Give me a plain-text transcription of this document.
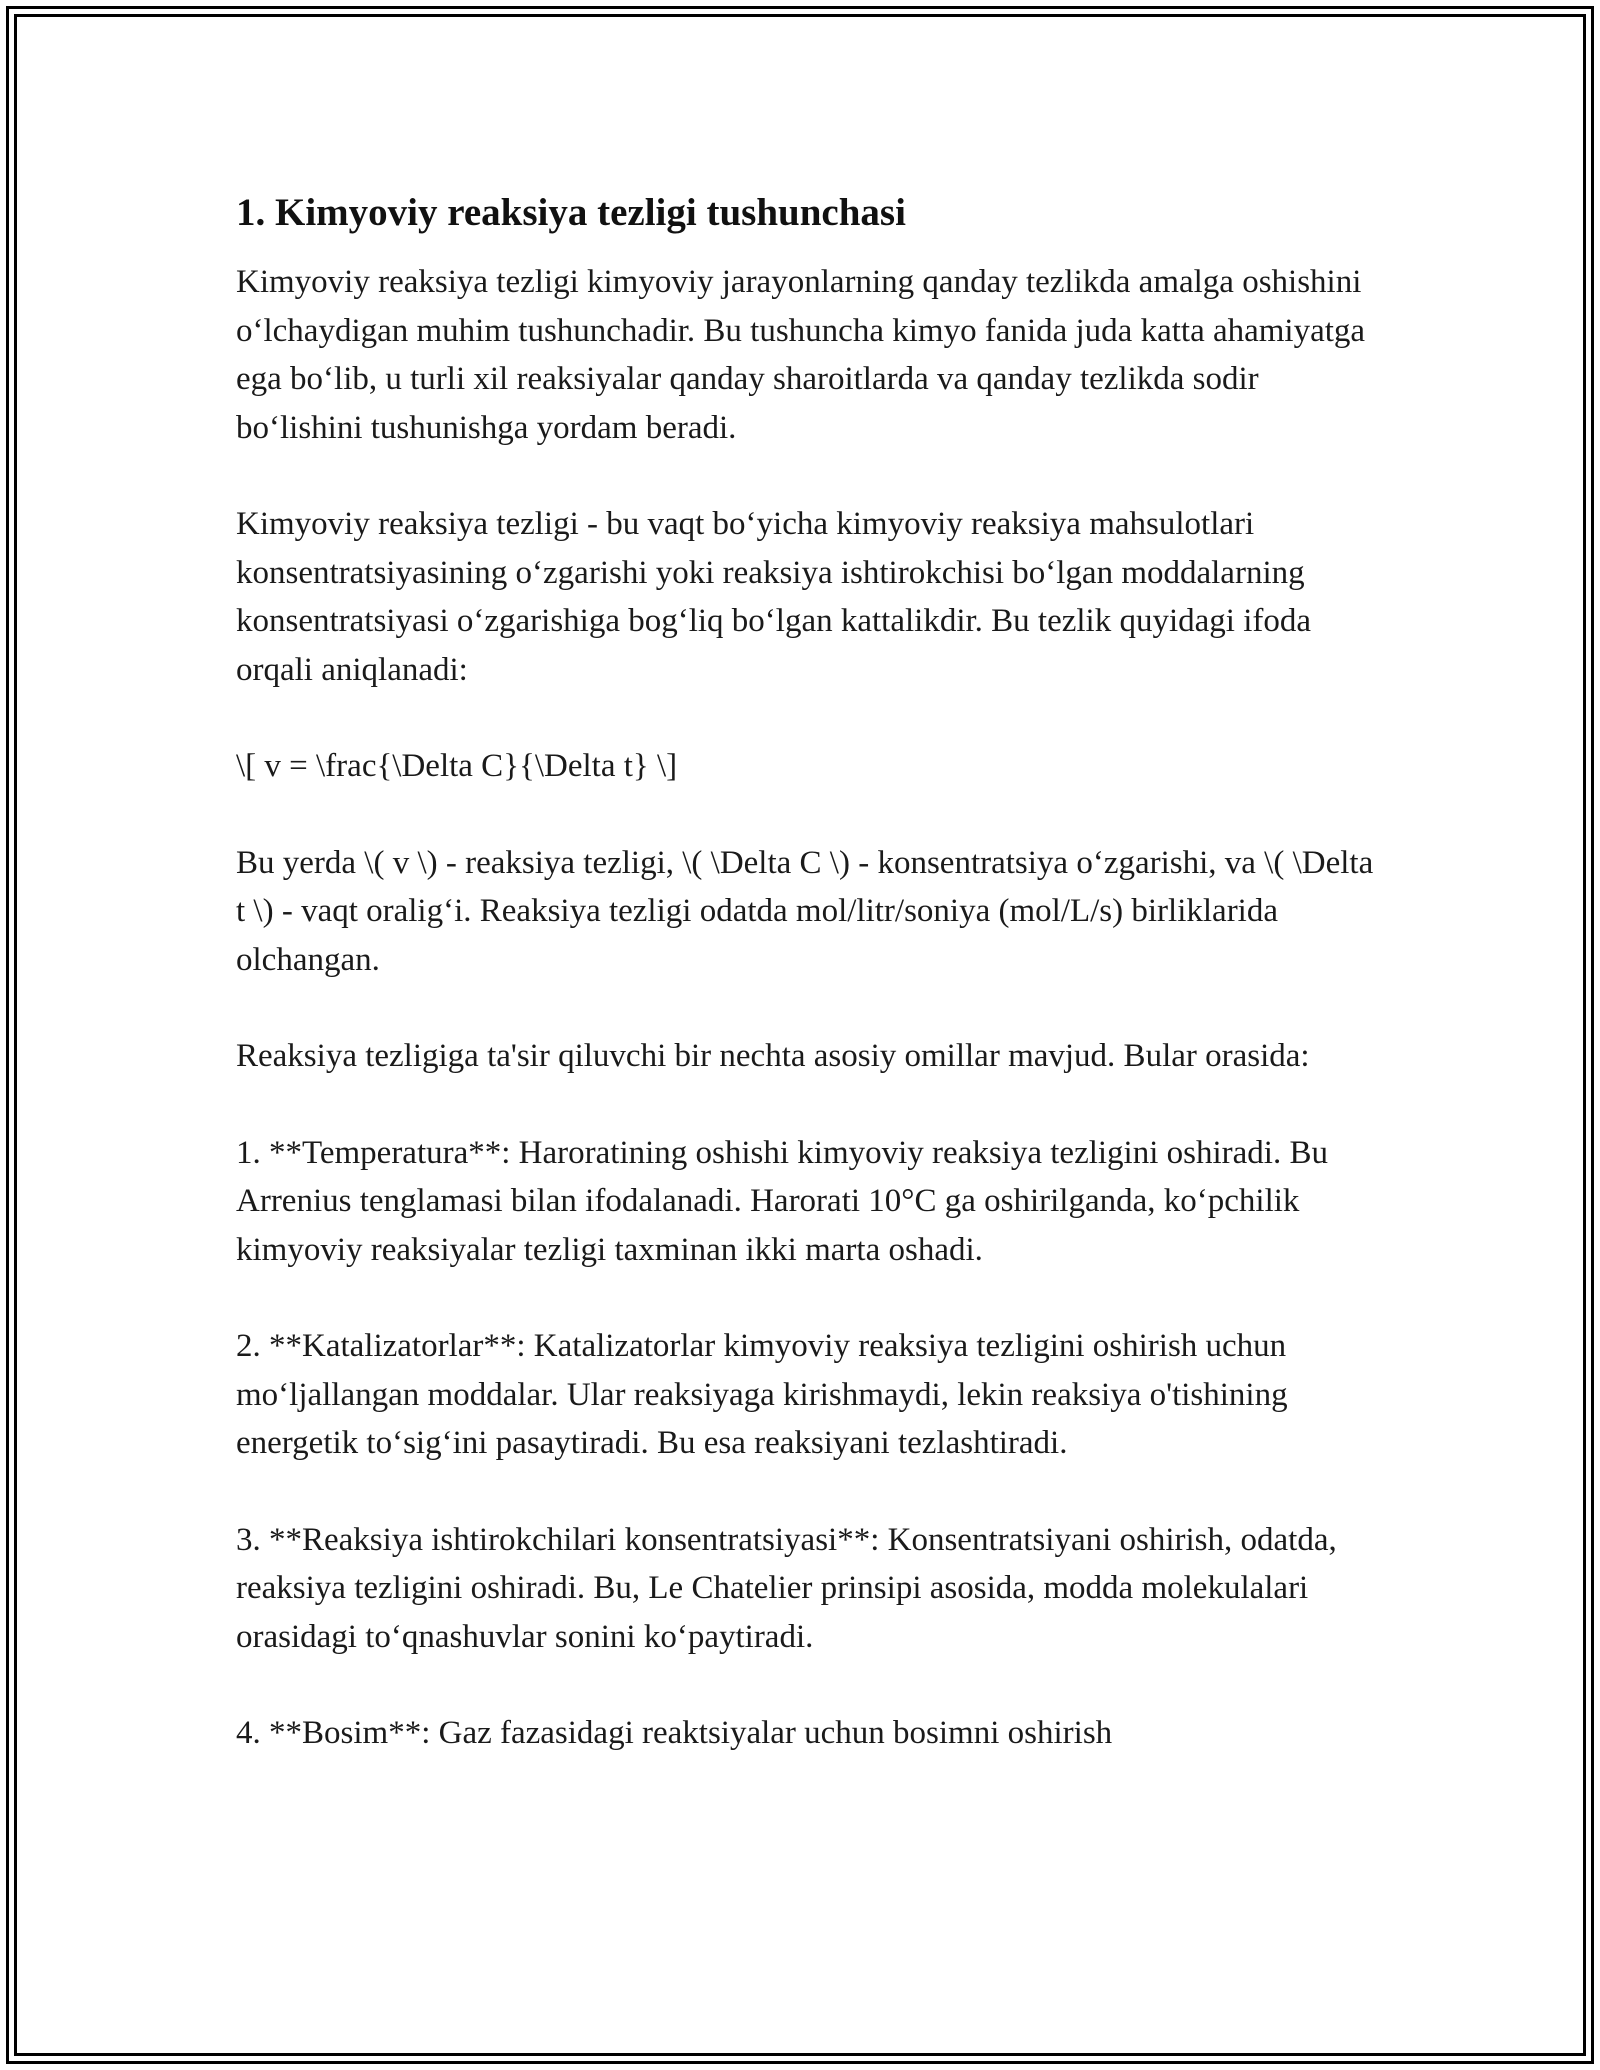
1. Kimyoviy reaksiya tezligi tushunchasi

Kimyoviy reaksiya tezligi kimyoviy jarayonlarning qanday tezlikda amalga oshishini o‘lchaydigan muhim tushunchadir. Bu tushuncha kimyo fanida juda katta ahamiyatga ega bo‘lib, u turli xil reaksiyalar qanday sharoitlarda va qanday tezlikda sodir bo‘lishini tushunishga yordam beradi.

Kimyoviy reaksiya tezligi - bu vaqt bo‘yicha kimyoviy reaksiya mahsulotlari konsentratsiyasining o‘zgarishi yoki reaksiya ishtirokchisi bo‘lgan moddalarning konsentratsiyasi o‘zgarishiga bog‘liq bo‘lgan kattalikdir. Bu tezlik quyidagi ifoda orqali aniqlanadi:

\[ v = \frac{\Delta C}{\Delta t} \]

Bu yerda \( v \) - reaksiya tezligi, \( \Delta C \) - konsentratsiya o‘zgarishi, va \( \Delta t \) - vaqt oralig‘i. Reaksiya tezligi odatda mol/litr/soniya (mol/L/s) birliklarida olchangan.

Reaksiya tezligiga ta'sir qiluvchi bir nechta asosiy omillar mavjud. Bular orasida:

1. **Temperatura**: Haroratining oshishi kimyoviy reaksiya tezligini oshiradi. Bu Arrenius tenglamasi bilan ifodalanadi. Harorati 10°C ga oshirilganda, ko‘pchilik kimyoviy reaksiyalar tezligi taxminan ikki marta oshadi.

2. **Katalizatorlar**: Katalizatorlar kimyoviy reaksiya tezligini oshirish uchun mo‘ljallangan moddalar. Ular reaksiyaga kirishmaydi, lekin reaksiya o'tishining energetik to‘sig‘ini pasaytiradi. Bu esa reaksiyani tezlashtiradi.

3. **Reaksiya ishtirokchilari konsentratsiyasi**: Konsentratsiyani oshirish, odatda, reaksiya tezligini oshiradi. Bu, Le Chatelier prinsipi asosida, modda molekulalari orasidagi to‘qnashuvlar sonini ko‘paytiradi.

4. **Bosim**: Gaz fazasidagi reaktsiyalar uchun bosimni oshirish
